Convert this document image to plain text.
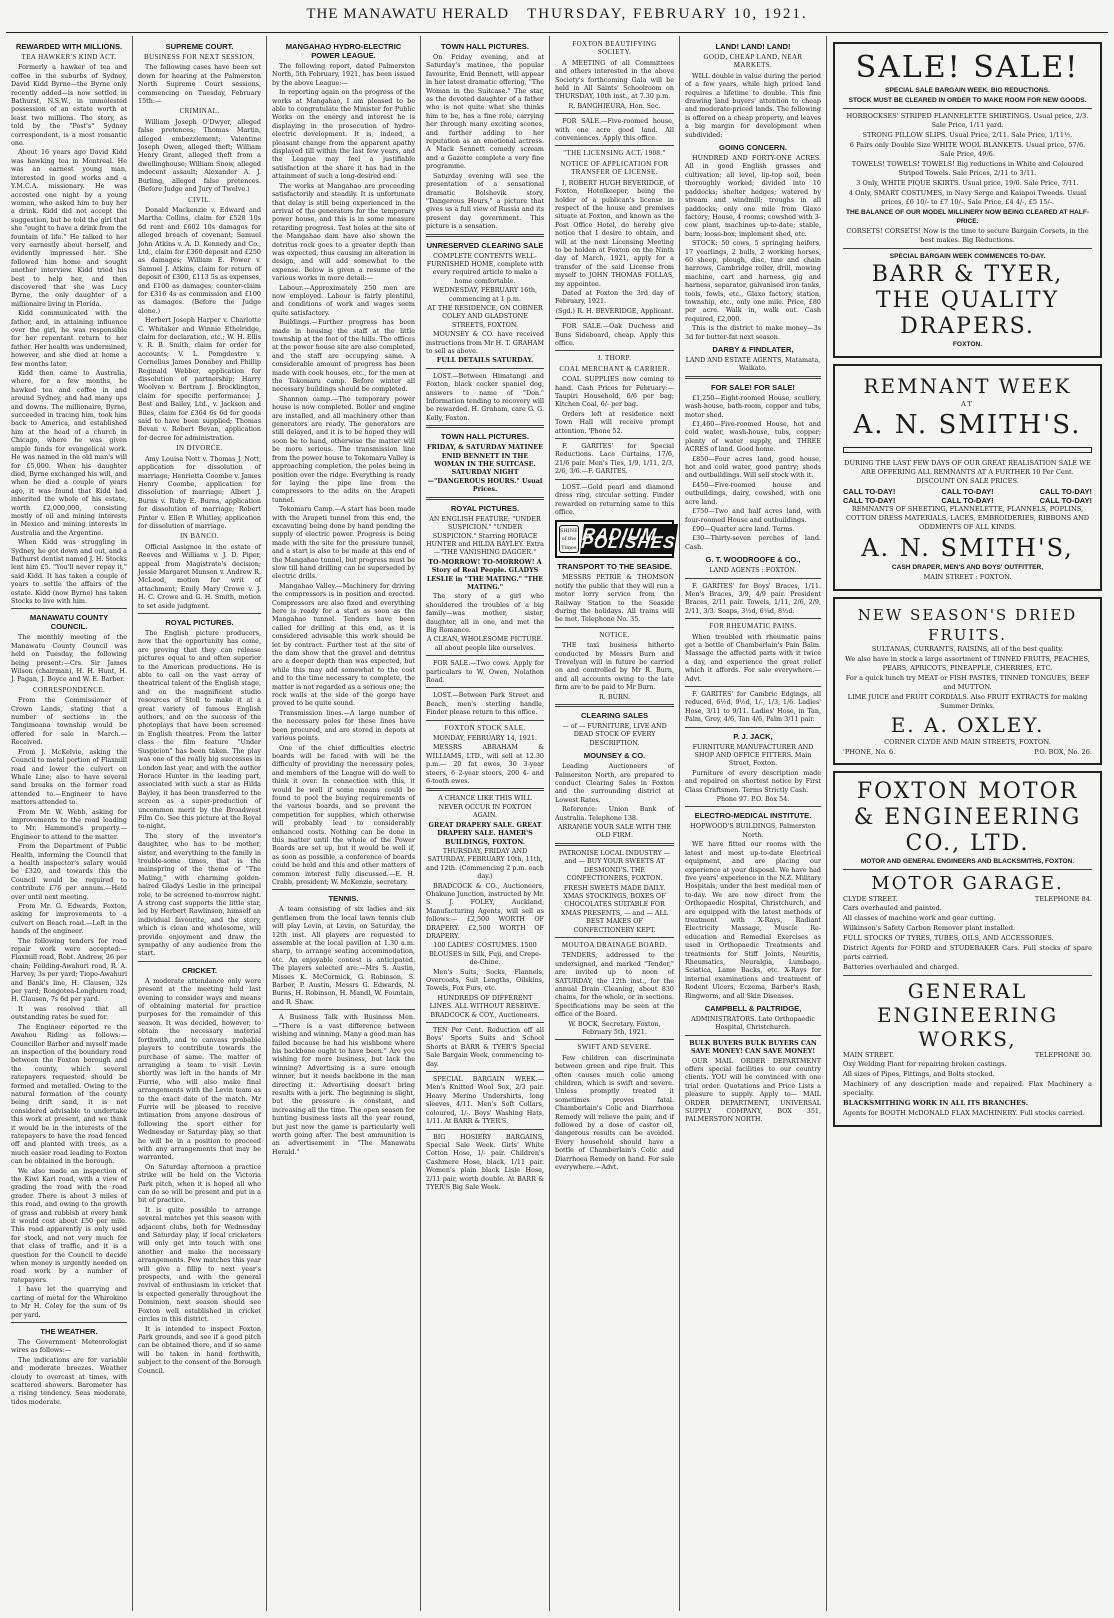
THE MANAWATU HERALD THURSDAY, FEBRUARY 10, 1921.
REWARDED WITH MILLIONS.
TEA HAWKER'S KIND ACT.

Formerly a hawker of tea and coffee in the suburbs of Sydney, David Kidd Byrne—the Byrne only recently added—is now settled in Bathurst, N.S.W., in unmolested possession of an estate worth at least two millions. The story, as told by the "Post's" Sydney correspondent, is a most romantic one.

About 16 years ago David Kidd was hawking tea in Montreal. He was an earnest young man, interested in good works and a Y.M.C.A. missionary. He was accosted one night by a young woman, who asked him to buy her a drink. Kidd did not accept the suggestion, but he told the girl that she "ought to have a drink from the fountain of life." He talked to her very earnestly about herself, and evidently impressed her. She followed him home and sought another interview. Kidd tried his best to help her, and then discovered that she was Lucy Byrne, the only daughter of a millionaire living in Florida.

Kidd communicated with the father, and, in attaining influence over the girl, he was responsible for her repentant return to her father. Her health was undermined, however, and she died at home a few months later.

Kidd then came to Australia, where, for a few months, he hawked tea and coffee in and around Sydney, and had many ups and downs. The millionaire, Byrne, succeeded in tracing him, took him back to America, and established him at the head of a church in Chicago, where he was given ample funds for evangelical work. He was named in the old man's will for £5,000. When his daughter died, Byrne exchanged his will, and when he died a couple of years ago, it was found that Kidd had inherited the whole of his estate, worth £2,000,000, consisting mostly of oil and mining interests in Mexico and mining interests in Australia and the Argentine.

When Kidd was struggling in Sydney, he got down and out, and a Bathurst dentist named J. H. Stocks lent him £5. "You'll never repay it," said Kidd. It has taken a couple of years to settle the affairs of the estate. Kidd (now Byrne) has taken Stocks to live with him.

MANAWATU COUNTY COUNCIL.

The monthly meeting of the Manawatu County Council was held on Tuesday, the following being present:—Crs. Sir James Wilson (chairman), H. H. Hunt, H. J. Pagan, J. Boyce and W. E. Barber.

CORRESPONDENCE.

From the Commissioner of Crown Lands, stating that a number of sections in the Tangimoana township would be offered for sale in March.—Received.

From J. McKelvie, asking the Council to metal portion of Flaxmill road and lower the culvert on Whale Line; also to have several sand breaks on the former road attended to.—Engineer to have matters attended to.

From Mr. W. Webb, asking for improvements to the road leading to Mr. Hammond's property.—Engineer to attend to the matter.

From the Department of Public Health, informing the Council that a health inspector's salary would be £320, and towards this the Council would be required to contribute £76 per annum.—Held over until next meeting.

From Mr. G. Edwards, Foxton, asking for improvements to a culvert on Beach road.—Left in the hands of the engineer.

The following tenders for road repair work were accepted:—Flaxmill road, Robt. Andrew, 26 per chain; Feilding-Awahuri road, R. A. Harvey, 3s per yard; Tiopo-Awahuri and Bank's line, H. Clausen, 32s per yard; Rongotea-Longburn road, H. Clausen, 7s 6d per yard.

It was resolved that all outstanding rates be sued for.

The Engineer reported re the Awahou Riding as follows:—Councillor Barber and myself made an inspection of the boundary road between the Foxton borough and the county, which several ratepayers requested should be formed and metalled. Owing to the natural formation of the county being drift sand, it is not considered advisable to undertake this work at present, and we think it would be in the interests of the ratepayers to have the road fenced off and planted with trees, as a much easier road leading to Foxton can be obtained in the borough.

We also made an inspection of the Kiwi Kari road, with a view of grading the road with the road grader. There is about 3 miles of this road, and owing to the growth of grass and rubbish at every bank it would cost about £50 per mile. This road apparently is only used for stock, and not very much for that class of traffic, and it is a question for the Council to decide when money is urgently needed on road work by a number of ratepayers.

I have let the quarrying and carting of metal for the Whirokino to Mr H. Coley for the sum of 9s per yard.

THE WEATHER.

The Government Meteorologist wires as follows:—

The indications are for variable and moderate breezes. Weather cloudy to overcast at times, with scattered showers. Barometer has a rising tendency. Seas moderate, tides moderate.

SUPREME COURT.
BUSINESS FOR NEXT SESSION.

The following cases have been set down for hearing at the Palmerston North Supreme Court sessions, commencing on Tuesday, February 15th:—

CRIMINAL.

William Joseph O'Dwyer, alleged false pretences; Thomas Martin, alleged embezzlement; Valentine Joseph Owen, alleged theft; William Henry Grant, alleged theft from a dwellinghouse; William Snow, alleged indecent assault; Alexander A. J. Burling, alleged false pretences. (Before Judge and Jury of Twelve.)

CIVIL.

Donald Mackenzie v. Edward and Martha Collins, claim for £528 10s 6d rent and £602 10s damages for alleged breach of covenant; Samuel John Atkins v. A. D. Kennedy and Co., Ltd., claim for £360 deposit and £250 as damages; William E. Power v. Samuel J. Atkins, claim for return of deposit of £300, £113 5s as expenses, and £100 as damages; counter-claim for £316 4s as commission and £100 as damages. (Before the Judge alone.)

Herbert Joseph Harper v. Charlotte C. Whitaker and Winnie Ethelridge, claim for declaration, etc.; W. H. Ellis v. R. B. Smith, claim for order for accounts; V. L. Pomgdestre v. Cornelius James Donahey and Phillip Reginald Webber, application for dissolution of partnership; Harry Woolven v. Bertram J. Brocklington, claim for specific performance; J. Best and Bailey, Ltd., v. Jackson and Biles, claim for £364 6s 6d for goods said to have been supplied; Thomas Bevan v. Robert Bevan, application for decree for administration.

IN DIVORCE.

Amy Louisa Nott v. Thomas J. Nott, application for dissolution of marriage; Henrietta Coombe v. James Henry Coombe, application for dissolution of marriage; Albert J. Burns v. Ruby E. Burns, application for dissolution of marriage; Robert Pinter v. Ellen P. Whitley, application for dissolution of marriage.

IN BANCO.

Official Assignee in the estate of Reeves and Williams v. J. D. Piper, appeal from Magistrate's decision; Jessie Margaret Munson v. Andrew R. McLeod, motion for writ of attachment; Emily Mary Crowe v. J. H. C. Crowe and G. H. Smith, motion to set aside judgment.

ROYAL PICTURES.

The English picture producers, now that the opportunity has come, are proving that they can release pictures equal to and often superior to the American productions. He is able to call on the vast array of theatrical talent of the English stage, and on the magnificent studio resources of Stoll to make it at a great variety of famous English authors, and on the success of the photoplays that have been screened in English theatres. From the latter class the film feature "Under Suspicion" has been taken. The play was one of the really big successes in London last year, and with the author Horace Hunter in the leading part, associated with such a star as Hilda Bayley, it has been transferred to the screen as a super-production of uncommon merit by the Broadwest Film Co. See this picture at the Royal to-night.

The story of the inventor's daughter, who has to be mother, sister, and everything to the family in trouble-some times, that is the mainspring of the theme of "The Mating," with charming golden-haired Gladys Leslie in the principal role, to be screened to-morrow night. A strong cast supports the little star, led by Herbert Rawlinson, himself an individual favourite, and the story, which is clean and wholesome, will provide enjoyment and draw the sympathy of any audience from the start.

CRICKET.

A moderate attendance only were present at the meeting held last evening to consider ways and means of obtaining material for practice purposes for the remainder of this season. It was decided, however, to obtain the necessary material forthwith, and to canvass probable players to contribute towards the purchase of same. The matter of arranging a team to visit Levin shortly was left in the hands of Mr Furrie, who will also make final arrangements with the Levin team as to the exact date of the match. Mr Furrie will be pleased to receive intimation from anyone desirous of following the sport either for Wednesday or Saturday play, so that he will be in a position to proceed with any arrangements that may be warranted.

On Saturday afternoon a practice strike will be held on the Victoria Park pitch, when it is hoped all who can do so will be present and put in a bit of practice.

It is quite possible to arrange several matches yet this season with adjacent clubs, both for Wednesday and Saturday play, if local cricketers will only get into touch with one another and make the necessary arrangements. Few matches this year will give a fillip to next year's prospects, and with the general revival of enthusiasm in cricket that is expected generally throughout the Dominion, next season should see Foxton well established in cricket circles in this district.

It is intended to inspect Foxton Park grounds, and see if a good pitch can be obtained there, and if so same will be taken in hand forthwith, subject to the consent of the Borough Council.

MANGAHAO HYDRO-ELECTRIC POWER LEAGUE.

The following report, dated Palmerston North, 5th February, 1921, has been issued by the above League:—

In reporting again on the progress of the works at Mangahao, I am pleased to be able to congratulate the Minister for Public Works on the energy and interest he is displaying in the prosecution of hydro-electric development. It is, indeed, a pleasant change from the apparent apathy displayed till within the last few years, and the League may feel a justifiable satisfaction at the share it has had in the attainment of such a long-desired end.

The works at Mangahao are proceeding satisfactorily and steadily. It is unfortunate that delay is still being experienced in the arrival of the generators for the temporary power house, and this is in some measure retarding progress. Test holes at the site of the Mangahao dam have also shown the detritus rock goes to a greater depth than was expected, thus causing an alteration in design, and will add somewhat to the expense. Below is given a resume of the various works in more detail:—

Labour.—Approximately 250 men are now employed. Labour is fairly plentiful, and conditions of work and wages seem quite satisfactory.

Buildings.—Further progress has been made in housing the staff at the little township at the foot of the hills. The offices at the power house site are also completed, and the staff are occupying same. A considerable amount of progress has been made with cook houses, etc., for the men at the Tokomaru camp. Before winter all necessary buildings should be completed.

Shannon camp.—The temporary power house is now completed. Boiler and engine are installed, and all machinery other than generators are ready. The generators are still delayed, and it is to be hoped they will soon be to hand, otherwise the matter will be more serious. The transmission line from the power house to Tokomaru Valley is approaching completion, the poles being in position over the ridge. Everything is ready for laying the pipe line from the compressors to the adits on the Arapeti tunnel.

Tokomaru Camp.—A start has been made with the Arapeti tunnel from this end, the excavating being done by hand pending the supply of electric power. Progress is being made with the site for the pressure tunnel, and a start is also to be made at this end of the Mangahao tunnel, but progress must be slow till hand drilling can be superseded by electric drills.

Mangahao Valley.—Machinery for driving the compressors is in position and erected. Compressors are also fixed and everything here is ready for a start as soon as the Mangahao tunnel. Tenders have been called for drilling at this end, as it is considered advisable this work should be let by contract. Further test at the site of the dam show that the gravel and detritus are a deeper depth than was expected, but while this may add somewhat to the cost and to the time necessary to complete, the matter is not regarded as a serious one; the rock walls at the side of the gorge have proved to be quite sound.

Transmission lines.—A large number of the necessary poles for these lines have been procured, and are stored in depots at various points.

One of the chief difficulties electric boards will be faced with will be the difficulty of providing the necessary poles, and members of the League will do well to think it over. In connection with this, it would be well if some means could be found to pool the buying requirements of the various boards, and so prevent the competition for supplies, which otherwise will probably lead to considerably enhanced costs. Nothing can be done in this matter until the whole of the Power Boards are set up, but it would be well if, as soon as possible, a conference of boards could be held and this and other matters of common interest fully discussed.—E. H. Crabb, president; W. McKenzie, secretary.

TENNIS.

A team consisting of six ladies and six gentlemen from the local lawn tennis club will play Levin, at Levin, on Saturday, the 12th inst. All players are requested to assemble at the local pavilion at 1.30 a.m. sharp, to arrange seating accommodation, etc. An enjoyable contest is anticipated. The players selected are:—Mrs S. Austin, Misses K. McCormick, G. Robinson, S. Barber, P. Austin, Messrs G. Edwards, N. Burns, H. Robinson, H. Mandl, W. Fountain, and R. Shaw.

A Business Talk with Business Men.—"There is a vast difference between wishing and winning. Many a good man has failed because he had his wishbone where his backbone ought to have been." Are you wishing for more business, but lack the winning? Advertising is a sure enough winner, but it needs backbone in the man directing it. Advertising doesn't bring results with a jerk. The beginning is slight, but the pressure is constant, and increasing all the time. The open season for hunting business lasts all the year round, but just now the game is particularly well worth going after. The best ammunition is an advertisement in "The Manawatu Herald."

TOWN HALL PICTURES.

On Friday evening, and at Saturday's matinee, the popular favourite, Enid Bennett, will appear in her latest dramatic offering, "The Woman in the Suitcase." The star, as the devoted daughter of a father who is not quite what she thinks him to be, has a fine role, carrying her through many exciting scenes, and further adding to her reputation as an emotional actress. A Mack Sennett comedy scream and a Gazette complete a very fine programme.

Saturday evening will see the presentation of a sensational dramatic Bolshevik story, "Dangerous Hours," a picture that gives us a full view of Russia and its present day government. This picture is a sensation.

UNRESERVED CLEARING SALE

COMPLETE CONTENTS WELL-FURNISHED HOME, complete with every required article to make a home comfortable.

WEDNESDAY, FEBRUARY 16th, commencing at 1 p.m.

AT THE RESIDENCE, ON CORNER COLEY AND GLADSTONE STREETS, FOXTON.

MOUNSEY & CO. have received instructions from Mr H. T. GRAHAM to sell as above.

FULL DETAILS SATURDAY.

LOST.—Between Himatangi and Foxton, black cocker spaniel dog, answers to name of "Don." Information tending to recovery will be rewarded. H. Graham, care G. G. Kelly, Foxton.

TOWN HALL PICTURES.

FRIDAY, & SATURDAY MATINEE ENID BENNETT IN THE WOMAN IN THE SUITCASE. SATURDAY NIGHT—"DANGEROUS HOURS." Usual Prices.

ROYAL PICTURES.

AN ENGLISH FEATURE; "UNDER SUSPICION." "UNDER SUSPICION." Starring HORACE HUNTER and HILDA BAYLEY. Extra—"THE VANISHING DAGGER."

TO-MORROW! TO-MORROW! A Story of Real People. GLADYS LESLIE in "THE MATING." "THE MATING."

The story of a girl who shouldered the troubles of a big family—was mother, sister, daughter, all in one, and met the Big Romance.

A CLEAN, WHOLESOME PICTURE. all about people like ourselves.

FOR SALE.—Two cows. Apply for particulars to W. Owen, Nolathon Road.

LOST.—Between Park Street and Beach, men's sterling handle, Finder please return to this office.

FOXTON STOCK SALE.

MONDAY, FEBRUARY 14, 1921.

MESSRS ABRAHAM & WILLIAMS, LTD., will sell at 12.30 p.m.— 20 fat ewes, 30 3-year steers, 6 2-year steers, 200 4- and 6-tooth ewes.

A CHANCE LIKE THIS WILL NEVER OCCUR IN FOXTON AGAIN.

GREAT DRAPERY SALE. GREAT DRAPERY SALE. HAMER'S BUILDINGS, FOXTON.

THURSDAY, FRIDAY AND SATURDAY. FEBRUARY 10th, 11th, and 12th. (Commencing 2 p.m. each day.)

BRADCOCK & CO., Auctioneers, Ohakune Junction, instructed by Mr. S. J. FOLEY, Auckland, Manufacturing Agents, will sell as follows:— £2,500 WORTH OF DRAPERY. £2,500 WORTH OF DRAPERY.

100 LADIES' COSTUMES. 1500 BLOUSES in Silk, Fuji, and Crepe-de-Chine.

Men's Suits, Socks, Flannels, Overcoats, Suit Lengths, Oilskins, Towels, Fox Furs, etc.

HUNDREDS OF DIFFERENT LINES. ALL WITHOUT RESERVE. BRADCOCK & COY., Auctioneers.

TEN Per Cent. Reduction off all Boys' Sports Suits and School Shorts at BARR & TYER'S Special Sale Bargain Week, commencing to-day.

SPECIAL BARGAIN WEEK.—Men's Knitted Wool Sox, 2/3 pair. Heavy Merino Undershirts, long sleeves, 4/11. Men's Soft Collars, coloured, 1/-. Boys' Washing Hats, 1/11. At BARR & TYER'S.

BIG HOSIERY BARGAINS, Special Sale Week. Girls' White Cotton Hose, 1/- pair. Children's Cashmere Hose, black, 1/11 pair. Women's plain black Lisle Hose, 2/11 pair, worth double. At BARR & TYER'S Big Sale Week.

FOXTON BEAUTIFYING SOCIETY.

A MEETING of all Committees and others interested in the above Society's forthcoming Gala will be held in All Saints' Schoolroom on THURSDAY, 10th inst., at 7.30 p.m.

R. BANGHIEURA, Hon. Sec.

FOR SALE.—Five-roomed house, with one acre good land. All conveniences. Apply this office.

"THE LICENSING ACT, 1908."
NOTICE OF APPLICATION FOR TRANSFER OF LICENSE.

I, ROBERT HUGH BEVERIDGE, of Foxton, Hotelkeeper, being the holder of a publican's license in respect of the house and premises situate at Foxton, and known as the Post Office Hotel, do hereby give notice that I desire to obtain, and will at the next Licensing Meeting to be holden at Foxton on the Ninth day of March, 1921, apply for a transfer of the said License from myself to JOHN THOMAS FOLLAS, my appointee.

Dated at Foxton the 3rd day of February, 1921.

(Sgd.) R. H. BEVERIDGE, Applicant.

FOR SALE.—Oak Duchess and Buns Sideboard, cheap. Apply this office.

J. THORP.
COAL MERCHANT & CARRIER.

COAL SUPPLIES now coming to hand. Cash Prices for February:—Taupiri Household, 6/6 per bag; Kitchen Coal, 6/- per bag.

Orders left at residence next Town Hall will receive prompt attention. 'Phone 52.

F. GARITES' for Special Reductions. Lace Curtains, 17/6, 21/6 pair. Men's Ties, 1/9, 1/11, 2/3, 2/6, 3/6.—F. GARITES.

LOST.—Gold pearl and diamond dress ring, circular setting. Finder rewarded on returning same to this office.

SHINE of the Times
RADIUM POLISHES
TRANSPORT TO THE SEASIDE.

MESSRS PETRIE & THOMSON notify the public that they will run a motor lorry service from the Railway Station to the Seaside during the holidays. All trains will be met. Telephone No. 35.

NOTICE.

THE taxi business hitherto conducted by Messrs Burn and Trevelyan will in future be carried on and controlled by Mr R. Burn, and all accounts owing to the late firm are to be paid to Mr Burn.

R. BURN.

CLEARING SALES

— of — FURNITURE, LIVE AND DEAD STOCK OF EVERY DESCRIPTION.

MOUNSEY & CO.

Leading Auctioneers of Palmerston North, are prepared to conduct Clearing Sales in Foxton and the surrounding district at Lowest Rates.

Reference: Union Bank of Australia. Telephone 138.

ARRANGE YOUR SALE WITH THE OLD FIRM.

PATRONISE LOCAL INDUSTRY — and — BUY YOUR SWEETS AT DESMOND'S. THE CONFECTIONERS, FOXTON.

FRESH SWEETS MADE DAILY. XMAS STOCKINGS, BOXES OF CHOCOLATES SUITABLE FOR XMAS PRESENTS, — and — ALL BEST MAKES OF CONFECTIONERY KEPT.

MOUTOA DRAINAGE BOARD.

TENDERS, addressed to the undersigned, and marked "Tender," are invited up to noon of SATURDAY, the 12th inst., for the annual Drain Cleaning, about 830 chains, for the whole, or in sections. Specifications may be seen at the office of the Board.

W. BOCK, Secretary. Foxton, February 5th, 1921.

SWIFT AND SEVERE.

Few children can discriminate between green and ripe fruit. This often causes much colic among children, which is swift and severe. Unless promptly treated it sometimes proves fatal. Chamberlain's Colic and Diarrhoea Remedy will relieve the pain, and if followed by a dose of castor oil, dangerous results can be avoided. Every household should have a bottle of Chamberlain's Colic and Diarrhoea Remedy on hand. For sale everywhere.—Advt.

LAND! LAND! LAND!
GOOD, CHEAP LAND, NEAR MARKETS.

WILL double in value during the period of a few years, while high priced land requires a lifetime to double. This fine drawing land buyers' attention to cheap and moderate-priced lands. The following is offered on a cheap property, and leaves a big margin for development when subdivided:

GOING CONCERN.

HUNDRED AND FORTY-ONE ACRES. All in good English grasses and cultivation; all level, lip-top soil, been thoroughly worked; divided into 10 paddocks; shelter hedges; watered by stream and windmill; troughs in all paddocks; only one mile from Glaxo factory; House, 4 rooms; cowshed with 3-cow plant, machines up-to-date; stable, barn; loose-box; implement shed, etc.

STOCK: 50 cows, 5 springing heifers, 17 yearlings, 2 bulls, 2 working horses, 60 sheep, plough, disc, tine and chain harrows, Cambridge roller, drill, mowing machine, cart and harness, gig and harness, separator, galvanised iron tanks, tools, fowls, etc., Glaxo factory, station, township, etc., only one mile. Price, £80 per acre. Walk in, walk out. Cash required, £2,000.

This is the district to make money—3s 3d for butter-fat next season.

DARBY & FINDLATER,

LAND AND ESTATE AGENTS, Matamata, Waikato.

FOR SALE! FOR SALE!

£1,250—Eight-roomed House, scullery, wash-house, bath-room, copper and tubs, motor shed.

£1,460—Five-roomed House, hot and cold water, wash-house, tubs, copper; plenty of water supply, and THREE ACRES of land. Good home.

£850—Four acres land, good house, hot and cold water, good pantry; sheds and outbuildings. Will sell stock with it.

£450—Five-roomed house and outbuildings, dairy, cowshed, with one acre land.

£750—Two and half acres land, with four-roomed House and outbuildings.

£90—Quarter acre land. Terms.

£30—Thirty-seven perches of land. Cash.

G. T. WOODROOFE & CO.,

LAND AGENTS : FOXTON.

F. GARITES' for Boys' Braces, 1/11. Men's Braces, 3/9, 4/9 pair. President Braces, 2/11 pair. Towels, 1/11, 2/6, 2/9, 2/11, 3/3. Soaps, 3½d, 6¼d, 8½d.

FOR RHEUMATIC PAINS.

When troubled with rheumatic pains get a bottle of Chamberlain's Pain Balm. Massage the affected parts with it twice a day, and experience the great relief which it affords. For sale everywhere.—Advt.

F. GARITES' for Cambric Edgings, all reduced, 6½d, 9½d, 1/-, 1/3, 1/6. Ladies' Hose, 3/11 to 9/11. Ladies' Hose, in Tan, Palm, Grey, 4/6, Tan 4/6, Palm 3/11 pair.

P. J. JACK,

FURNITURE MANUFACTURER AND SHOP AND OFFICE FITTERS. Main Street, Foxton.

Furniture of every description made and repaired on shortest notice by First Class Craftsmen. Terms Strictly Cash.

Phone 97. P.O. Box 54.

ELECTRO-MEDICAL INSTITUTE.

HOPWOOD'S BUILDINGS, Palmerston North.

WE have fitted our rooms with the latest and most up-to-date Electrical equipment, and are placing our experience at your disposal. We have had five years' experience in the N.Z. Military Hospitals, under the best medical men of to-day. We are now direct from the Orthopaedic Hospital, Christchurch, and are equipped with the latest methods of treatment with X-Rays, Radiant Electricity Massage, Muscle Re-education and Remedial Exercises as used in Orthopaedic Treatments and treatments for Stiff Joints, Neuritis, Rheumatics, Neuralgia, Lumbago, Sciatica, Lame Backs, etc. X-Rays for internal examinations and treatment of Rodent Ulcers, Eczema, Barber's Rash, Ringworm, and all Skin Diseases.

CAMPBELL & PALTRIDGE,

ADMINISTRATORS. Late Orthopaedic Hospital, Christchurch.

BULK BUYERS BULK BUYERS CAN SAVE MONEY! CAN SAVE MONEY!

OUR MAIL ORDER DEPARTMENT offers special facilities to our country clients. YOU will be convinced with one trial order. Quotations and Price Lists a pleasure to supply. Apply to— MAIL ORDER DEPARTMENT, UNIVERSAL SUPPLY COMPANY, BOX 351, PALMERSTON NORTH.

SALE! SALE!

SPECIAL SALE BARGAIN WEEK. BIG REDUCTIONS.

STOCK MUST BE CLEARED IN ORDER TO MAKE ROOM FOR NEW GOODS.

HORROCKSES' STRIPED FLANNELETTE SHIRTINGS. Usual price, 2/3. Sale Price, 1/11 yard.

STRONG PILLOW SLIPS. Usual Price, 2/11. Sale Price, 1/11½.

6 Pairs only Double Size WHITE WOOL BLANKETS. Usual price, 57/6. Sale Price, 49/6.

TOWELS! TOWELS! TOWELS! Big reductions in White and Coloured Striped Towels. Sale Prices, 2/11 to 3/11.

3 Only, WHITE PIQUE SKIRTS. Usual price, 19/6. Sale Price, 7/11.

4 Only, SMART COSTUMES, in Navy Serge and Kaiapoi Tweeds. Usual prices, £6 10/- to £7 10/-. Sale Price, £4 4/-, £5 15/-.

THE BALANCE OF OUR MODEL MILLINERY NOW BEING CLEARED AT HALF-PRICE.

CORSETS! CORSETS! Now is the time to secure Bargain Corsets, in the best makes. Big Reductions.

SPECIAL BARGAIN WEEK COMMENCES TO-DAY.

BARR & TYER,
THE QUALITY DRAPERS.

FOXTON.

REMNANT WEEK
AT
A. N. SMITH'S.

DURING THE LAST FEW DAYS OF OUR GREAT REALISATION SALE WE ARE OFFERING ALL REMNANTS AT A FURTHER 10 Per Cent. DISCOUNT ON SALE PRICES.

CALL TO-DAY!	CALL TO-DAY!	CALL TO-DAY!
CALL TO-DAY!	CALL TO-DAY!	CALL TO-DAY!

REMNANTS OF SHEETING, FLANNELETTE, FLANNELS, POPLINS, COTTON DRESS MATERIALS, LACES, EMBROIDERIES, RIBBONS AND ODDMENTS OF ALL KINDS.

A. N. SMITH'S,

CASH DRAPER, MEN'S AND BOYS' OUTFITTER,

MAIN STREET : FOXTON.

NEW SEASON'S DRIED FRUITS.

SULTANAS, CURRANTS, RAISINS, all of the best quality.

We also have in stock a large assortment of TINNED FRUITS, PEACHES, PEARS, APRICOTS, PINEAPPLE, CHERRIES, ETC.

For a quick lunch try MEAT or FISH PASTES, TINNED TONGUES, BEEF and MUTTON.

LIME JUICE and FRUIT CORDIALS. Also FRUIT EXTRACTS for making Summer Drinks.

E. A. OXLEY.

CORNER CLYDE AND MAIN STREETS, FOXTON.

'PHONE, No. 6.	P.O. BOX, No. 26.
FOXTON MOTOR & ENGINEERING CO., LTD.

MOTOR AND GENERAL ENGINEERS AND BLACKSMITHS, FOXTON.

MOTOR GARAGE.
CLYDE STREET.	TELEPHONE 84.

Cars overhauled and painted.

All classes of machine work and gear cutting.

Wilkinson's Safety Carbon Remover plant installed.

FULL STOCKS OF TYRES, TUBES, OILS, AND ACCESSORIES.

District Agents for FORD and STUDEBAKER Cars. Full stocks of spare parts carried.

Batteries overhauled and charged.

GENERAL ENGINEERING WORKS,
MAIN STREET.	TELEPHONE 30.

Oxy Welding Plant for repairing broken castings.

All sizes of Pipes, Fittings, and Bolts stocked.

Machinery of any description made and repaired. Flax Machinery a specialty.

BLACKSMITHING WORK IN ALL ITS BRANCHES.

Agents for BOOTH McDONALD FLAX MACHINERY. Full stocks carried.
